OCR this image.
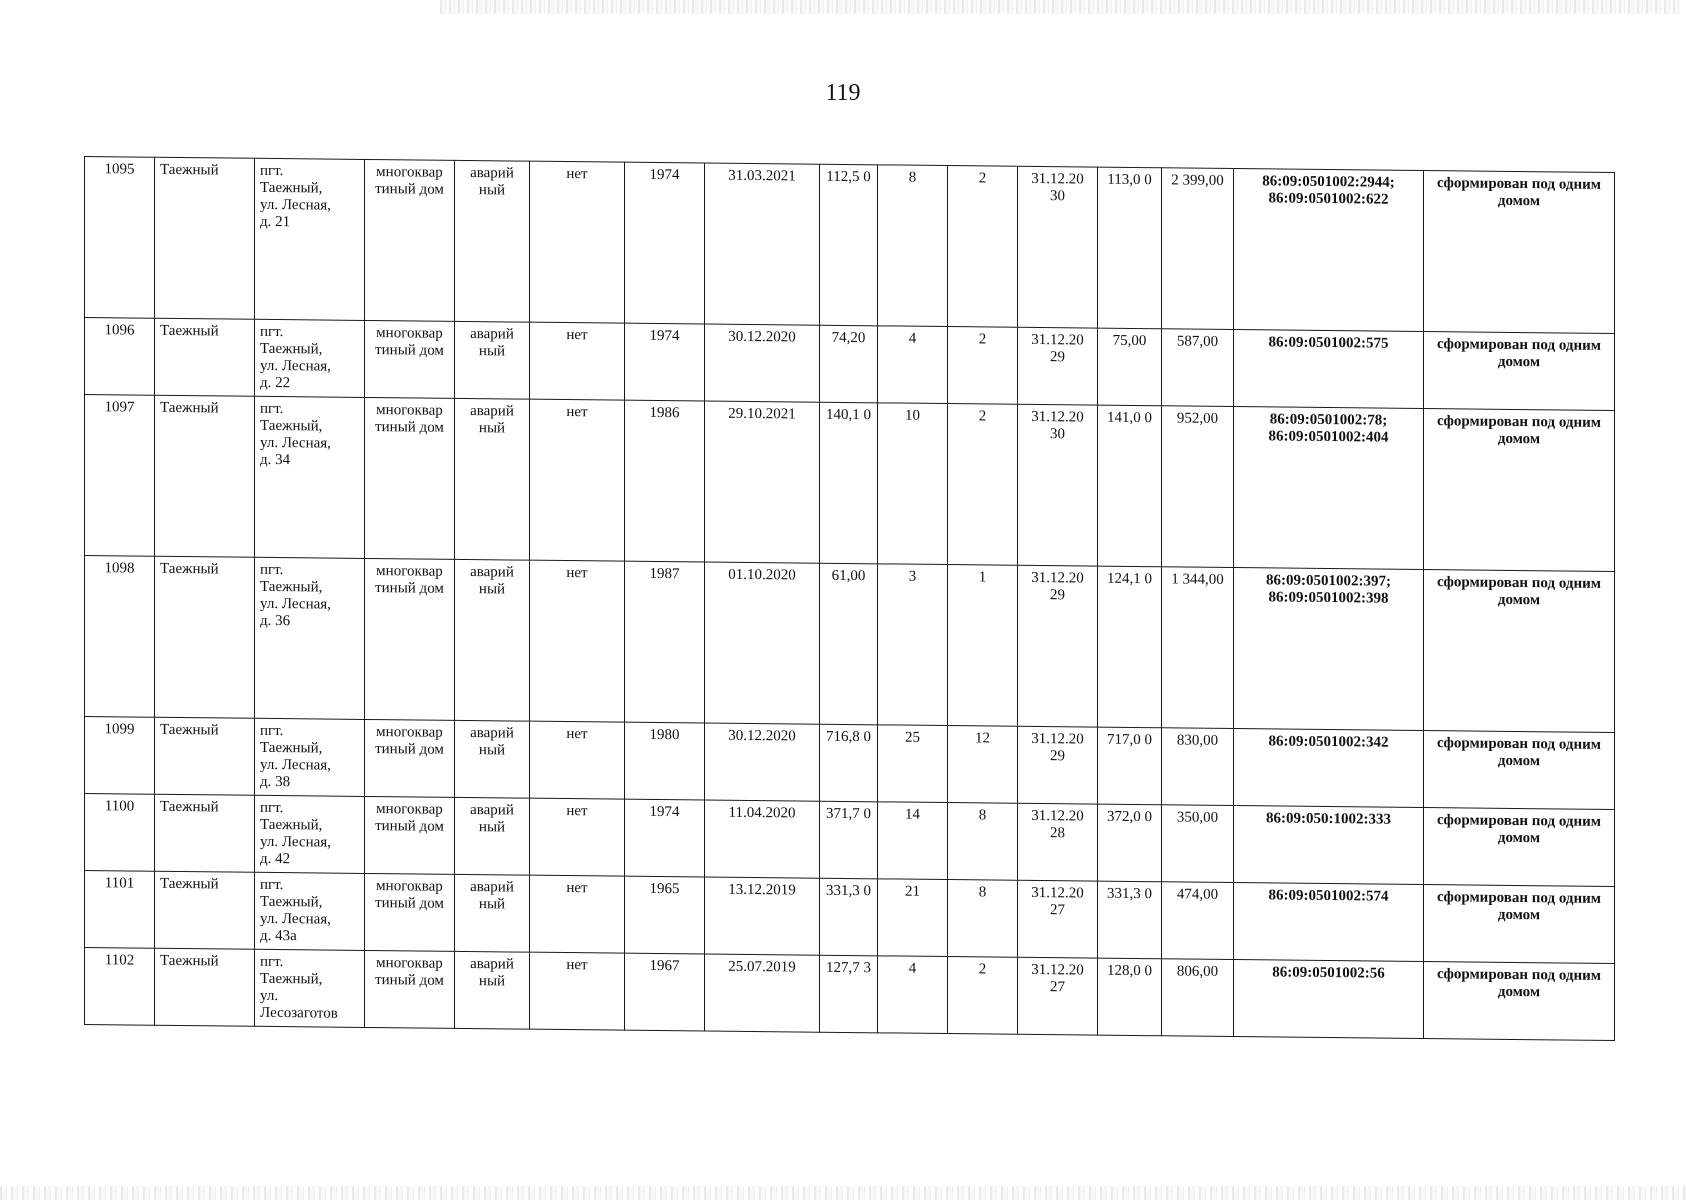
119
1095	Таежный	пгт.
Таежный,
ул. Лесная,
д. 21	многоквар тиный дом	аварий ный	нет	1974	31.03.2021	112,5 0	8	2	31.12.20 30	113,0 0	2 399,00	86:09:0501002:2944;
86:09:0501002:622	сформирован под одним домом
1096	Таежный	пгт.
Таежный,
ул. Лесная,
д. 22	многоквар тиный дом	аварий ный	нет	1974	30.12.2020	74,20	4	2	31.12.20 29	75,00	587,00	86:09:0501002:575	сформирован под одним домом
1097	Таежный	пгт.
Таежный,
ул. Лесная,
д. 34	многоквар тиный дом	аварий ный	нет	1986	29.10.2021	140,1 0	10	2	31.12.20 30	141,0 0	952,00	86:09:0501002:78;
86:09:0501002:404	сформирован под одним домом
1098	Таежный	пгт.
Таежный,
ул. Лесная,
д. 36	многоквар тиный дом	аварий ный	нет	1987	01.10.2020	61,00	3	1	31.12.20 29	124,1 0	1 344,00	86:09:0501002:397;
86:09:0501002:398	сформирован под одним домом
1099	Таежный	пгт.
Таежный,
ул. Лесная,
д. 38	многоквар тиный дом	аварий ный	нет	1980	30.12.2020	716,8 0	25	12	31.12.20 29	717,0 0	830,00	86:09:0501002:342	сформирован под одним домом
1100	Таежный	пгт.
Таежный,
ул. Лесная,
д. 42	многоквар тиный дом	аварий ный	нет	1974	11.04.2020	371,7 0	14	8	31.12.20 28	372,0 0	350,00	86:09:050:1002:333	сформирован под одним домом
1101	Таежный	пгт.
Таежный,
ул. Лесная,
д. 43а	многоквар тиный дом	аварий ный	нет	1965	13.12.2019	331,3 0	21	8	31.12.20 27	331,3 0	474,00	86:09:0501002:574	сформирован под одним домом
1102	Таежный	пгт.
Таежный,
ул.
Лесозаготов	многоквар тиный дом	аварий ный	нет	1967	25.07.2019	127,7 3	4	2	31.12.20 27	128,0 0	806,00	86:09:0501002:56	сформирован под одним домом
